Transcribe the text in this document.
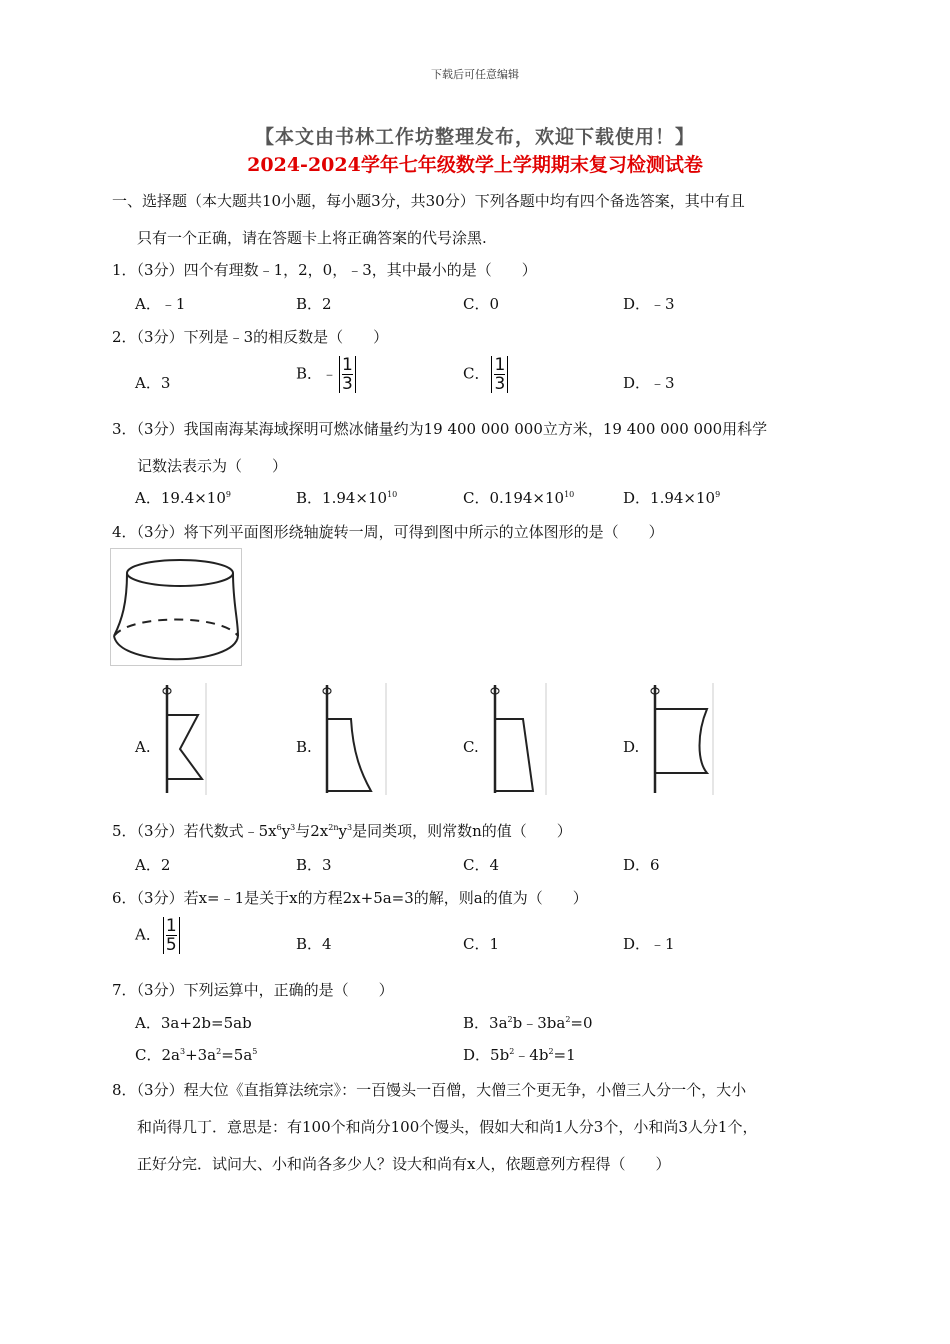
下载后可任意编辑
【本文由书林工作坊整理发布，欢迎下载使用！】
2024-2024学年七年级数学上学期期末复习检测试卷
一、选择题（本大题共10小题，每小题3分，共30分）下列各题中均有四个备选答案，其中有且
只有一个正确，请在答题卡上将正确答案的代号涂黑.
1．（3分）四个有理数﹣1，2，0，﹣3，其中最小的是（　　）
A．﹣1	B．2	C．0	D．﹣3
2．（3分）下列是﹣3的相反数是（　　）
A．3
B．﹣ $\frac{1}{3}$	C． $\frac{1}{3}$	D．﹣3
3．（3分）我国南海某海域探明可燃冰储量约为19 400 000 000立方米，19 400 000 000用科学
记数法表示为（　　）
A．$19.4\times 10^9$	B．$1.94\times 10^{10}$	C．$0.194\times 10^{10}$	D．$1.94\times 10^9$
4．（3分）将下列平面图形绕轴旋转一周，可得到图中所示的立体图形的是（　　）
A.	B.	C.	D.
5．（3分）若代数式$﹣5x^6y^3$与$2x^{2n}y^3$是同类项，则常数n的值（　　）
A．2	B．3	C．4	D．6
6．（3分）若x=﹣1是关于x的方程2x+5a=3的解，则a的值为（　　）
A． $\frac{1}{5}$	B．4	C．1	D．﹣1
7．（3分）下列运算中，正确的是（　　）
A．3a+2b=5ab	B．$3a^2b﹣3ba^2=0$
C．$2a^3+3a^2=5a^5$	D．$5b^2﹣4b^2=1$
8．（3分）程大位《直指算法统宗》：一百馒头一百僧，大僧三个更无争，小僧三人分一个，大小
和尚得几丁．意思是：有100个和尚分100个馒头，假如大和尚1人分3个，小和尚3人分1个，
正好分完．试问大、小和尚各多少人？设大和尚有x人，依题意列方程得（　　）
